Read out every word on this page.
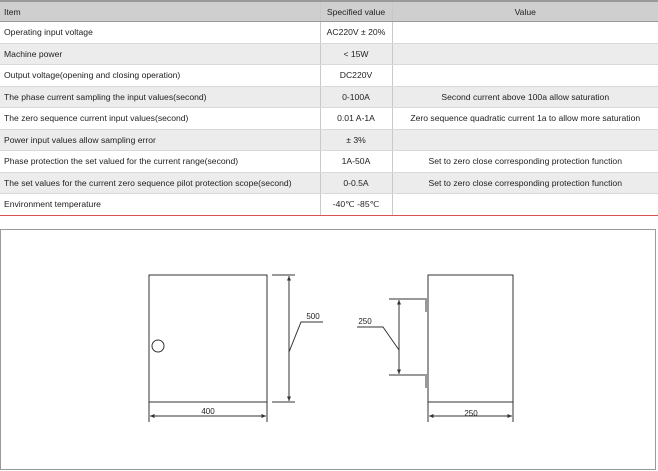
Item	Specified value	Value
Operating input voltage	AC220V ± 20%	
Machine power	< 15W	
Output voltage(opening and closing operation)	DC220V	
The phase current sampling the input values(second)	0-100A	Second current above 100a allow saturation
The zero sequence current input values(second)	0.01 A-1A	Zero sequence quadratic current 1a to allow more saturation
Power input values allow sampling error	± 3%	
Phase protection the set valued for the current range(second)	1A-50A	Set to zero close corresponding protection function
The set values for the current zero sequence pilot protection scope(second)	0-0.5A	Set to zero close corresponding protection function
Environment temperature	-40℃ -85℃	
400
500
250
250
